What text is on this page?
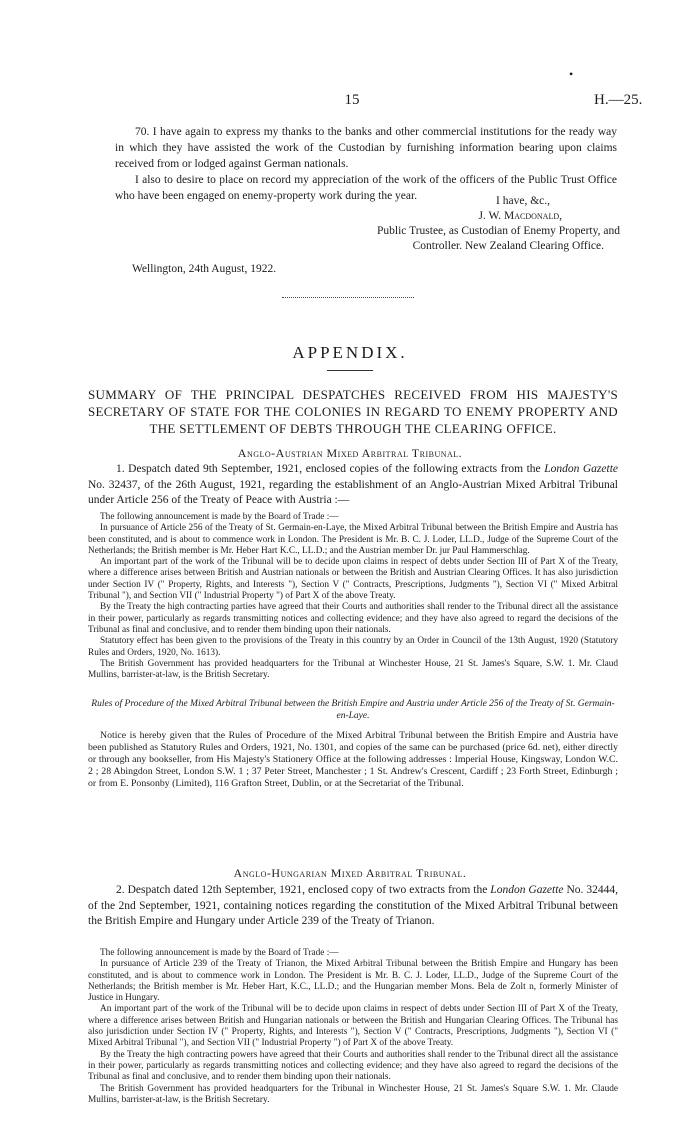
•
15	H.—25.

70. I have again to express my thanks to the banks and other commercial institutions for the ready way in which they have assisted the work of the Custodian by furnishing information bearing upon claims received from or lodged against German nationals.

I also to desire to place on record my appreciation of the work of the officers of the Public Trust Office who have been engaged on enemy-property work during the year.	I have, &c.,
J. W. Macdonald,
Public Trustee, as Custodian of Enemy Property, and
Controller. New Zealand Clearing Office.
Wellington, 24th August, 1922.
APPENDIX.
SUMMARY OF THE PRINCIPAL DESPATCHES RECEIVED FROM HIS MAJESTY'S SECRETARY OF STATE FOR THE COLONIES IN REGARD TO ENEMY PROPERTY AND THE SETTLEMENT OF DEBTS THROUGH THE CLEARING OFFICE.
Anglo-Austrian Mixed Arbitral Tribunal.
1. Despatch dated 9th September, 1921, enclosed copies of the following extracts from the London Gazette No. 32437, of the 26th August, 1921, regarding the establishment of an Anglo-Austrian Mixed Arbitral Tribunal under Article 256 of the Treaty of Peace with Austria :—

The following announcement is made by the Board of Trade :—

In pursuance of Article 256 of the Treaty of St. Germain-en-Laye, the Mixed Arbitral Tribunal between the British Empire and Austria has been constituted, and is about to commence work in London. The President is Mr. B. C. J. Loder, LL.D., Judge of the Supreme Court of the Netherlands; the British member is Mr. Heber Hart K.C., LL.D.; and the Austrian member Dr. jur Paul Hammerschlag.

An important part of the work of the Tribunal will be to decide upon claims in respect of debts under Section III of Part X of the Treaty, where a difference arises between British and Austrian nationals or between the British and Austrian Clearing Offices. It has also jurisdiction under Section IV (" Property, Rights, and Interests "), Section V (" Contracts, Prescriptions, Judgments "), Section VI (" Mixed Arbitral Tribunal "), and Section VII (" Industrial Property ") of Part X of the above Treaty.

By the Treaty the high contracting parties have agreed that their Courts and authorities shall render to the Tribunal direct all the assistance in their power, particularly as regards transmitting notices and collecting evidence; and they have also agreed to regard the decisions of the Tribunal as final and conclusive, and to render them binding upon their nationals.

Statutory effect has been given to the provisions of the Treaty in this country by an Order in Council of the 13th August, 1920 (Statutory Rules and Orders, 1920, No. 1613).

The British Government has provided headquarters for the Tribunal at Winchester House, 21 St. James's Square, S.W. 1. Mr. Claud Mullins, barrister-at-law, is the British Secretary.

Rules of Procedure of the Mixed Arbitral Tribunal between the British Empire and Austria under Article 256 of the Treaty of St. Germain-en-Laye.

Notice is hereby given that the Rules of Procedure of the Mixed Arbitral Tribunal between the British Empire and Austria have been published as Statutory Rules and Orders, 1921, No. 1301, and copies of the same can be purchased (price 6d. net), either directly or through any bookseller, from His Majesty's Stationery Office at the following addresses : Imperial House, Kingsway, London W.C. 2 ; 28 Abingdon Street, London S.W. 1 ; 37 Peter Street, Manchester ; 1 St. Andrew's Crescent, Cardiff ; 23 Forth Street, Edinburgh ; or from E. Ponsonby (Limited), 116 Grafton Street, Dublin, or at the Secretariat of the Tribunal.

Anglo-Hungarian Mixed Arbitral Tribunal.
2. Despatch dated 12th September, 1921, enclosed copy of two extracts from the London Gazette No. 32444, of the 2nd September, 1921, containing notices regarding the constitution of the Mixed Arbitral Tribunal between the British Empire and Hungary under Article 239 of the Treaty of Trianon.

The following announcement is made by the Board of Trade :—

In pursuance of Article 239 of the Treaty of Trianon, the Mixed Arbitral Tribunal between the British Empire and Hungary has been constituted, and is about to commence work in London. The President is Mr. B. C. J. Loder, LL.D., Judge of the Supreme Court of the Netherlands; the British member is Mr. Heber Hart, K.C., LL.D.; and the Hungarian member Mons. Bela de Zolt n, formerly Minister of Justice in Hungary.

An important part of the work of the Tribunal will be to decide upon claims in respect of debts under Section III of Part X of the Treaty, where a difference arises between British and Hungarian nationals or between the British and Hungarian Clearing Offices. The Tribunal has also jurisdiction under Section IV (" Property, Rights, and Interests "), Section V (" Contracts, Prescriptions, Judgments "), Section VI (" Mixed Arbitral Tribunal "), and Section VII (" Industrial Property ") of Part X of the above Treaty.

By the Treaty the high contracting powers have agreed that their Courts and authorities shall render to the Tribunal direct all the assistance in their power, particularly as regards transmitting notices and collecting evidence; and they have also agreed to regard the decisions of the Tribunal as final and conclusive, and to render them binding upon their nationals.

The British Government has provided headquarters for the Tribunal in Winchester House, 21 St. James's Square S.W. 1. Mr. Claude Mullins, barrister-at-law, is the British Secretary.
